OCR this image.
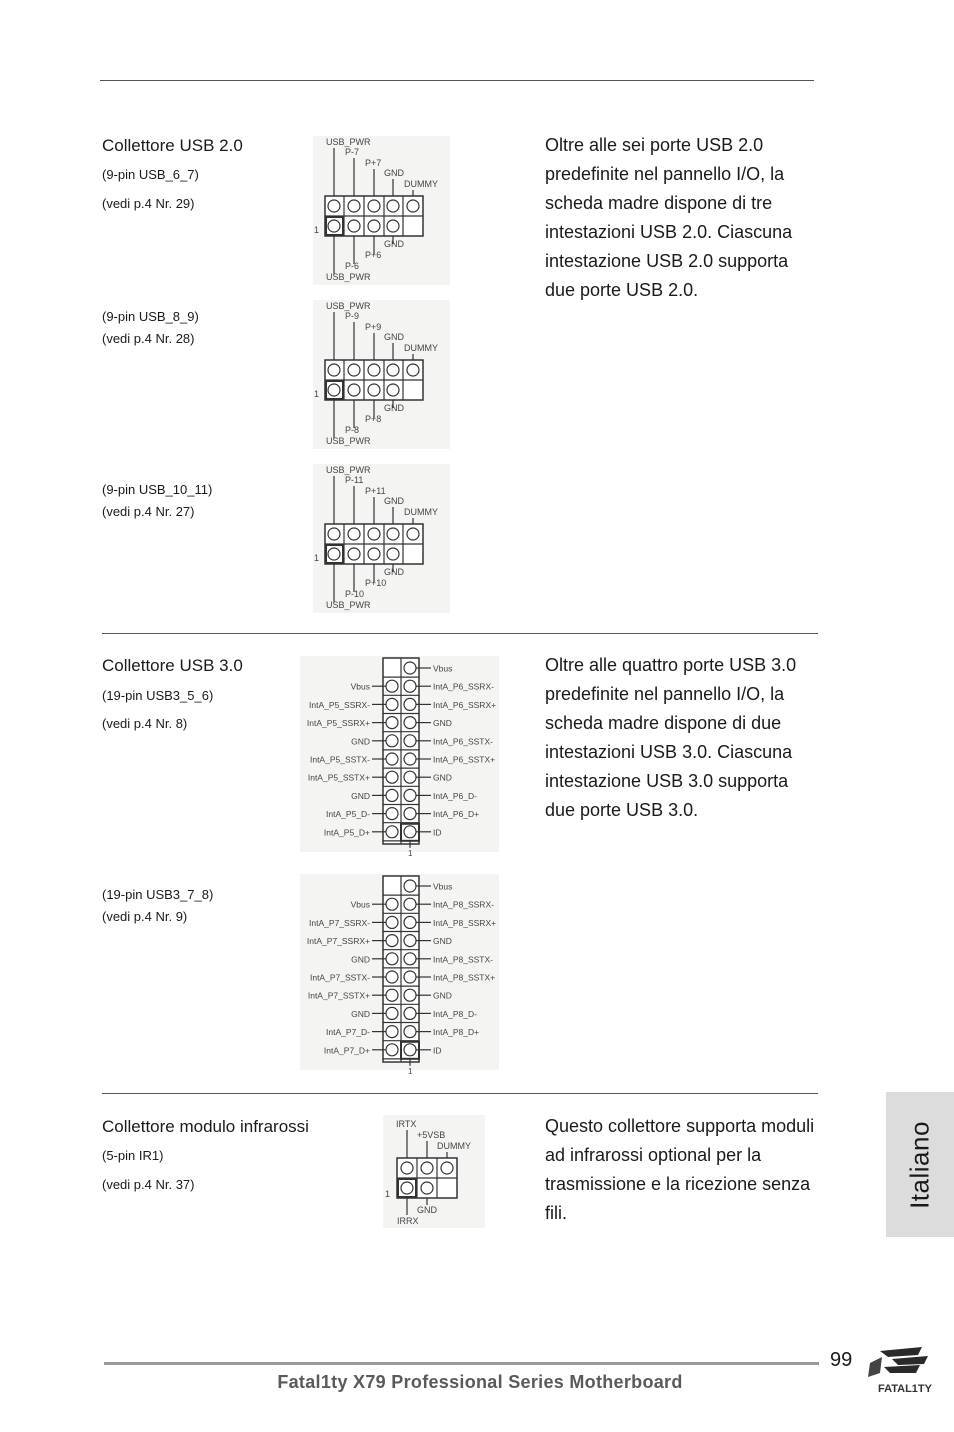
Collettore USB 2.0
(9-pin USB_6_7)
(vedi p.4 Nr. 29)
(9-pin USB_8_9)
(vedi p.4 Nr. 28)
(9-pin USB_10_11)
(vedi p.4 Nr. 27)
Oltre alle sei porte USB 2.0 predefinite nel pannello I/O, la scheda madre dispone di tre intestazioni USB 2.0. Ciascuna intestazione USB 2.0 supporta due porte USB 2.0.
USB_PWR
P-7
P+7
GND
DUMMY
1
GND
P+6
P-6
USB_PWR
USB_PWR
P-9
P+9
GND
DUMMY
1
GND
P+8
P-8
USB_PWR
USB_PWR
P-11
P+11
GND
DUMMY
1
GND
P+10
P-10
USB_PWR
Collettore USB 3.0
(19-pin USB3_5_6)
(vedi p.4 Nr. 8)
(19-pin USB3_7_8)
(vedi p.4 Nr. 9)
Oltre alle quattro porte USB 3.0 predefinite nel pannello I/O, la scheda madre dispone di due intestazioni USB 3.0. Ciascuna intestazione USB 3.0 supporta due porte USB 3.0.
Vbus
IntA_P6_SSRX-
Vbus
IntA_P6_SSRX+
IntA_P5_SSRX-
GND
IntA_P5_SSRX+
IntA_P6_SSTX-
GND
IntA_P6_SSTX+
IntA_P5_SSTX-
GND
IntA_P5_SSTX+
IntA_P6_D-
GND
IntA_P6_D+
IntA_P5_D-
ID
IntA_P5_D+
1
Vbus
IntA_P8_SSRX-
Vbus
IntA_P8_SSRX+
IntA_P7_SSRX-
GND
IntA_P7_SSRX+
IntA_P8_SSTX-
GND
IntA_P8_SSTX+
IntA_P7_SSTX-
GND
IntA_P7_SSTX+
IntA_P8_D-
GND
IntA_P8_D+
IntA_P7_D-
ID
IntA_P7_D+
1
Collettore modulo infrarossi
(5-pin IR1)
(vedi p.4 Nr. 37)
Questo collettore supporta moduli ad infrarossi optional per la trasmissione e la ricezione senza fili.
IRTX
+5VSB
DUMMY
1
GND
IRRX
Italiano
99
Fatal1ty X79 Professional Series Motherboard	FATAL1TY
